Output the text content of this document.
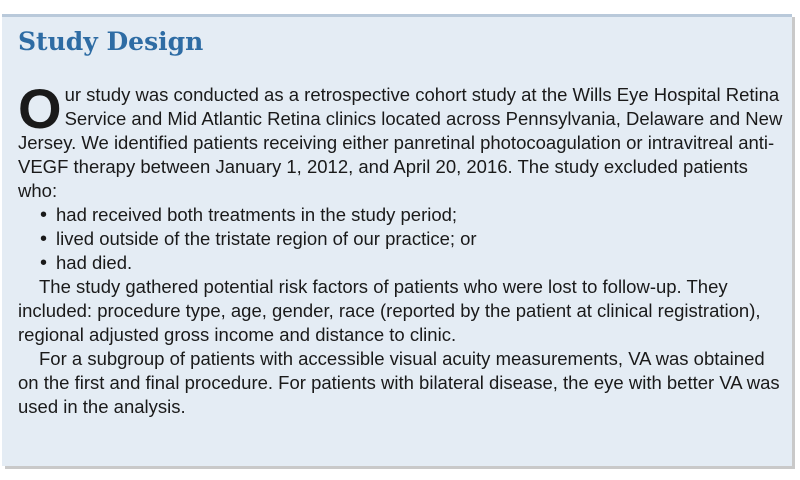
Study Design

Our study was conducted as a retrospective cohort study at the Wills Eye Hospital Retina Service and Mid Atlantic Retina clinics located across Pennsylvania, Delaware and New Jersey. We identified patients receiving either panretinal photocoagulation or intravitreal anti-VEGF therapy between January 1, 2012, and April 20, 2016. The study excluded patients who:

• had received both treatments in the study period;
• lived outside of the tristate region of our practice; or
• had died.

The study gathered potential risk factors of patients who were lost to follow-up. They included: procedure type, age, gender, race (reported by the patient at clinical registration), regional adjusted gross income and distance to clinic.

For a subgroup of patients with accessible visual acuity measurements, VA was obtained on the first and final procedure. For patients with bilateral disease, the eye with better VA was used in the analysis.
